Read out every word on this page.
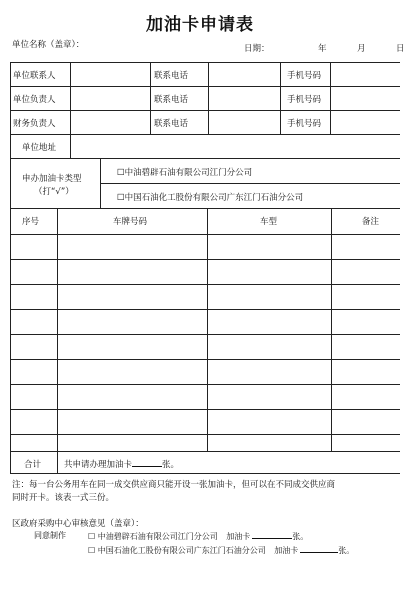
加油卡申请表
单位名称（盖章）：	日期：	年	月	日
单位联系人	联系电话	手机号码
单位负责人	联系电话	手机号码
财务负责人	联系电话	手机号码
单位地址
申办加油卡类型
（打“√”）
☐中油碧辟石油有限公司江门分公司
☐中国石油化工股份有限公司广东江门石油分公司
序号	车牌号码	车型	备注
合计	共申请办理加油卡	张。
注：每一台公务用车在同一成交供应商只能开设一张加油卡，但可以在不同成交供应商
同时开卡。该表一式三份。
区政府采购中心审核意见（盖章）：
同意制作	☐ 中油碧辟石油有限公司江门分公司 加油卡	张。
☐ 中国石油化工股份有限公司广东江门石油分公司 加油卡	张。
